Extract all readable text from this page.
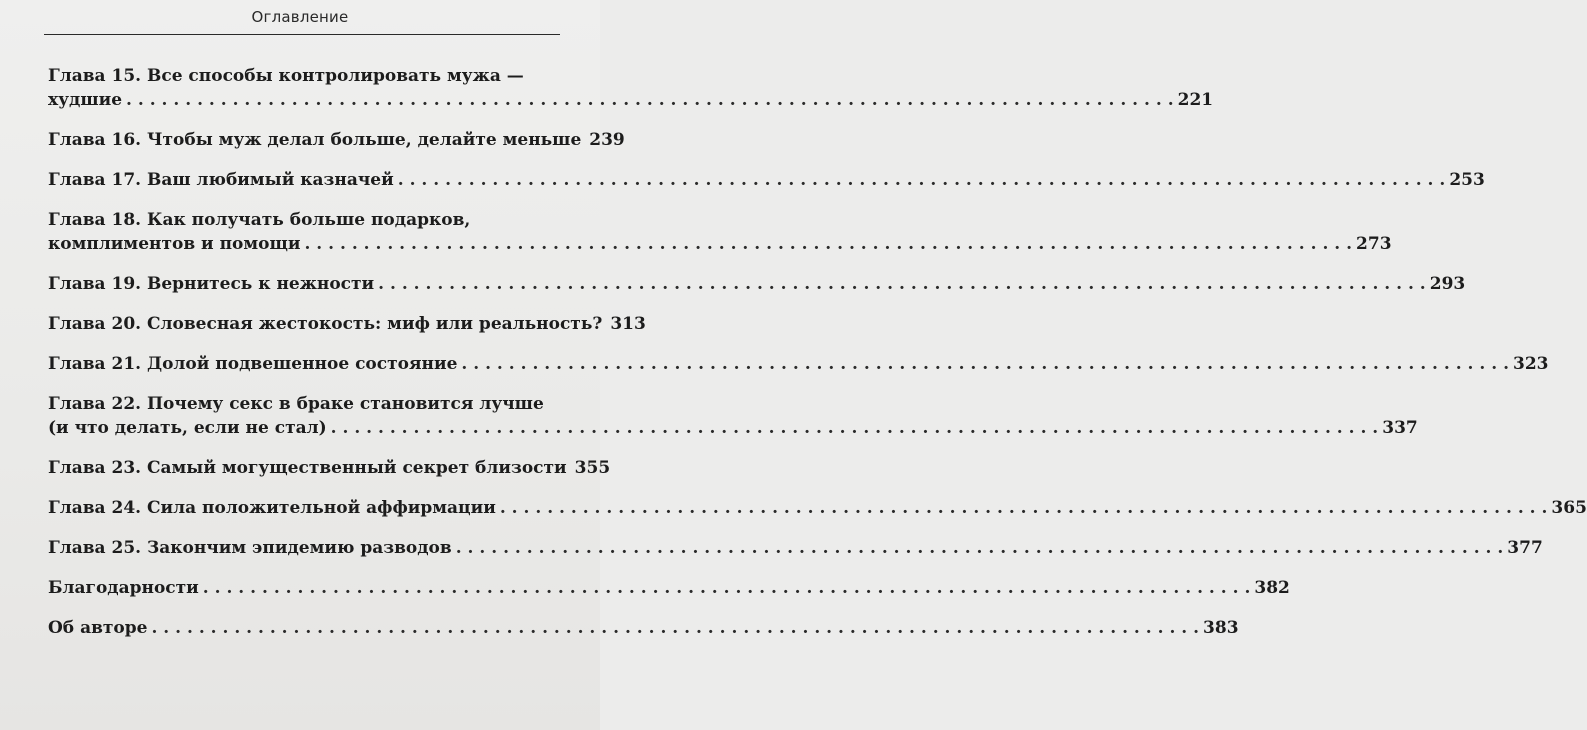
Оглавление
Глава 15. Все способы контролировать мужа —
худшие . . .	221
Глава 16. Чтобы муж делал больше, делайте меньше 239
Глава 17. Ваш любимый казначей . . .	253
Глава 18. Как получать больше подарков,
комплиментов и помощи . . .	273
Глава 19. Вернитесь к нежности . . .	293
Глава 20. Словесная жестокость: миф или реальность? 313
Глава 21. Долой подвешенное состояние . . .	323
Глава 22. Почему секс в браке становится лучше
(и что делать, если не стал) . . .	337
Глава 23. Самый могущественный секрет близости 355
Глава 24. Сила положительной аффирмации . . .	365
Глава 25. Закончим эпидемию разводов . . .	377
Благодарности . . .	382
Об авторе . . .	383
